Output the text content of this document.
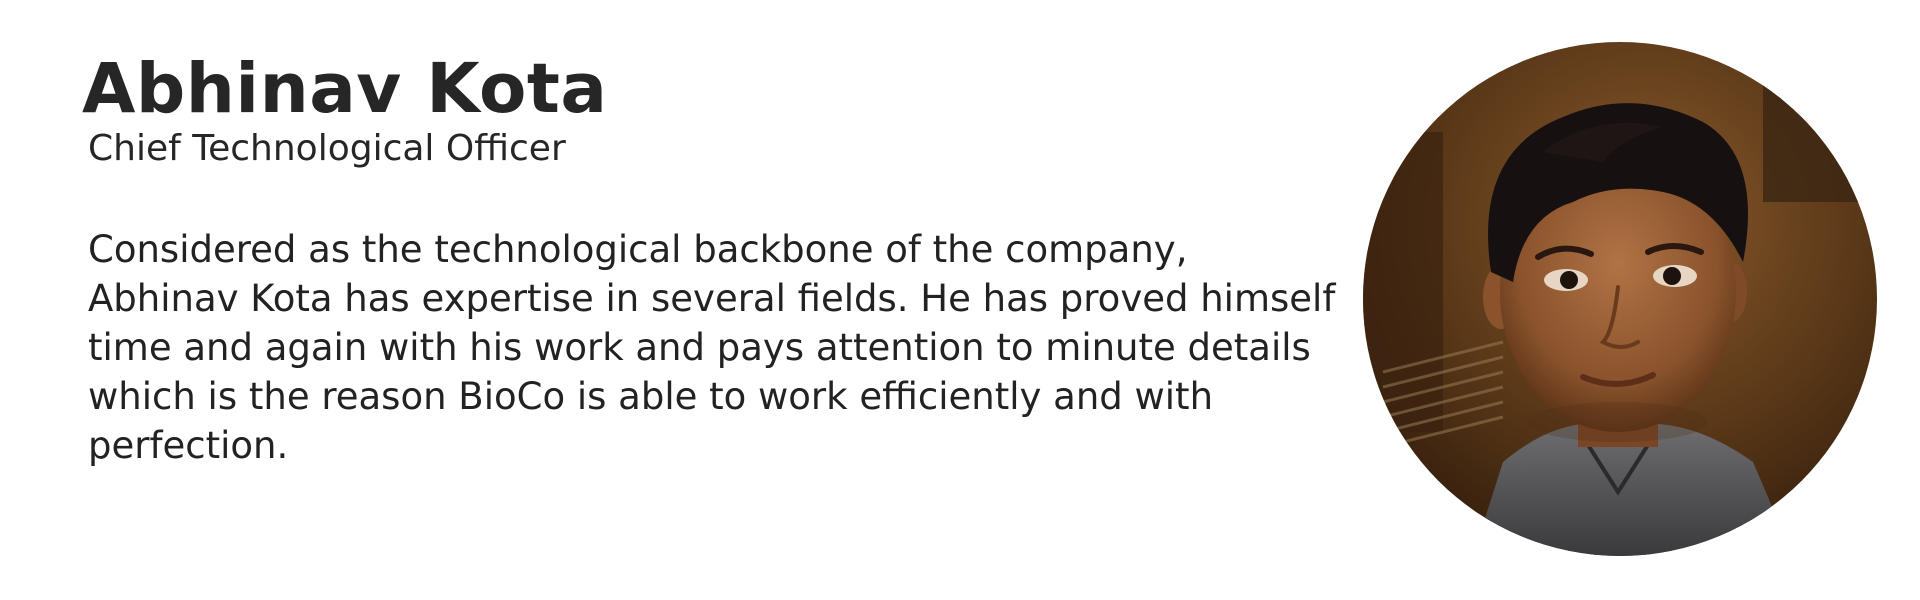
Abhinav Kota

Chief Technological Officer

Considered as the technological backbone of the company,
Abhinav Kota has expertise in several fields. He has proved himself
time and again with his work and pays attention to minute details
which is the reason BioCo is able to work efficiently and with
perfection.
